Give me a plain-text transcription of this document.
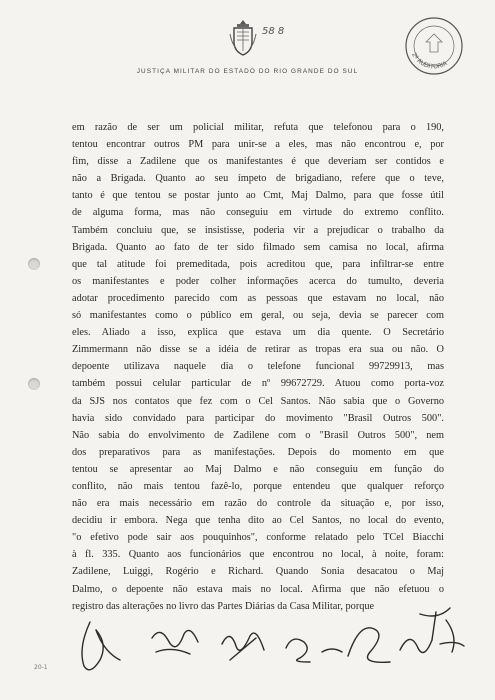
58 8
JUSTIÇA MILITAR DO ESTADO DO RIO GRANDE DO SUL
2ª AUDITORIA
em razão de ser um policial militar, refuta que telefonou para o 190,
tentou encontrar outros PM para unir-se a eles, mas não encontrou e, por
fim, disse a Zadilene que os manifestantes é que deveriam ser contidos e
não a Brigada. Quanto ao seu ímpeto de brigadiano, refere que o teve,
tanto é que tentou se postar junto ao Cmt, Maj Dalmo, para que fosse útil
de alguma forma, mas não conseguiu em virtude do extremo conflito.
Também concluiu que, se insistisse, poderia vir a prejudicar o trabalho da
Brigada. Quanto ao fato de ter sido filmado sem camisa no local, afirma
que tal atitude foi premeditada, pois acreditou que, para infiltrar-se entre
os manifestantes e poder colher informações acerca do tumulto, deveria
adotar procedimento parecido com as pessoas que estavam no local, não
só manifestantes como o público em geral, ou seja, devia se parecer com
eles. Aliado a isso, explica que estava um dia quente. O Secretário
Zimmermann não disse se a idéia de retirar as tropas era sua ou não. O
depoente utilizava naquele dia o telefone funcional 99729913, mas
também possui celular particular de nº 99672729. Atuou como porta-voz
da SJS nos contatos que fez com o Cel Santos. Não sabia que o Governo
havia sido convidado para participar do movimento "Brasil Outros 500".
Não sabia do envolvimento de Zadilene com o "Brasil Outros 500", nem
dos preparativos para as manifestações. Depois do momento em que
tentou se apresentar ao Maj Dalmo e não conseguiu em função do
conflito, não mais tentou fazê-lo, porque entendeu que qualquer reforço
não era mais necessário em razão do controle da situação e, por isso,
decidiu ir embora. Nega que tenha dito ao Cel Santos, no local do evento,
"o efetivo pode sair aos pouquinhos", conforme relatado pelo TCel Biacchi
à fl. 335. Quanto aos funcionários que encontrou no local, à noite, foram:
Zadilene, Luiggi, Rogério e Richard. Quando Sonia desacatou o Maj
Dalmo, o depoente não estava mais no local. Afirma que não efetuou o
registro das alterações no livro das Partes Diárias da Casa Militar, porque
20-1
